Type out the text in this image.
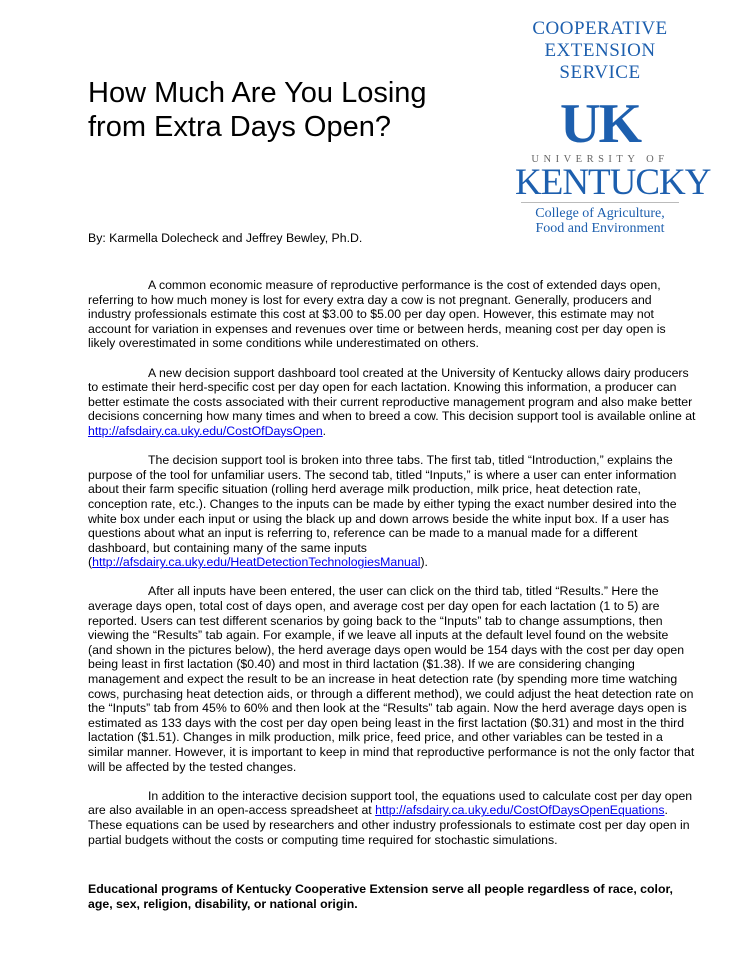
How Much Are You Losing from Extra Days Open?
COOPERATIVE
EXTENSION
SERVICE
UK
UNIVERSITY OF
KENTUCKY
College of Agriculture,
Food and Environment
By: Karmella Dolecheck and Jeffrey Bewley, Ph.D.

A common economic measure of reproductive performance is the cost of extended days open, referring to how much money is lost for every extra day a cow is not pregnant. Generally, producers and industry professionals estimate this cost at $3.00 to $5.00 per day open. However, this estimate may not account for variation in expenses and revenues over time or between herds, meaning cost per day open is likely overestimated in some conditions while underestimated on others.

A new decision support dashboard tool created at the University of Kentucky allows dairy producers to estimate their herd-specific cost per day open for each lactation. Knowing this information, a producer can better estimate the costs associated with their current reproductive management program and also make better decisions concerning how many times and when to breed a cow. This decision support tool is available online at http://afsdairy.ca.uky.edu/CostOfDaysOpen.

The decision support tool is broken into three tabs. The first tab, titled “Introduction,” explains the purpose of the tool for unfamiliar users. The second tab, titled “Inputs,” is where a user can enter information about their farm specific situation (rolling herd average milk production, milk price, heat detection rate, conception rate, etc.). Changes to the inputs can be made by either typing the exact number desired into the white box under each input or using the black up and down arrows beside the white input box. If a user has questions about what an input is referring to, reference can be made to a manual made for a different dashboard, but containing many of the same inputs (http://afsdairy.ca.uky.edu/HeatDetectionTechnologiesManual).

After all inputs have been entered, the user can click on the third tab, titled “Results.” Here the average days open, total cost of days open, and average cost per day open for each lactation (1 to 5) are reported. Users can test different scenarios by going back to the “Inputs” tab to change assumptions, then viewing the “Results” tab again. For example, if we leave all inputs at the default level found on the website (and shown in the pictures below), the herd average days open would be 154 days with the cost per day open being least in first lactation ($0.40) and most in third lactation ($1.38). If we are considering changing management and expect the result to be an increase in heat detection rate (by spending more time watching cows, purchasing heat detection aids, or through a different method), we could adjust the heat detection rate on the “Inputs” tab from 45% to 60% and then look at the “Results” tab again. Now the herd average days open is estimated as 133 days with the cost per day open being least in the first lactation ($0.31) and most in the third lactation ($1.51). Changes in milk production, milk price, feed price, and other variables can be tested in a similar manner. However, it is important to keep in mind that reproductive performance is not the only factor that will be affected by the tested changes.

In addition to the interactive decision support tool, the equations used to calculate cost per day open are also available in an open-access spreadsheet at http://afsdairy.ca.uky.edu/CostOfDaysOpenEquations. These equations can be used by researchers and other industry professionals to estimate cost per day open in partial budgets without the costs or computing time required for stochastic simulations.

Educational programs of Kentucky Cooperative Extension serve all people regardless of race, color, age, sex, religion, disability, or national origin.
